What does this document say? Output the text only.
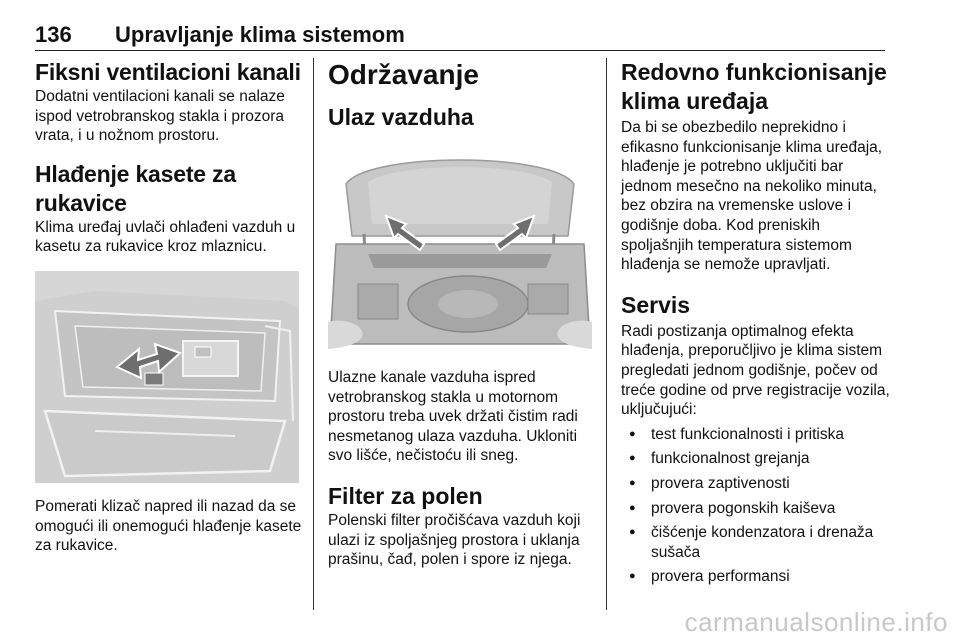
136 Upravljanje klima sistemom
Fiksni ventilacioni kanali

Dodatni ventilacioni kanali se nalaze ispod vetrobranskog stakla i prozora vrata, i u nožnom prostoru.

Hlađenje kasete za rukavice

Klima uređaj uvlači ohlađeni vazduh u kasetu za rukavice kroz mlaznicu.

Pomerati klizač napred ili nazad da se omogući ili onemogući hlađenje kasete za rukavice.

Održavanje
Ulaz vazduha

Ulazne kanale vazduha ispred vetrobranskog stakla u motornom prostoru treba uvek držati čistim radi nesmetanog ulaza vazduha. Ukloniti svo lišće, nečistoću ili sneg.

Filter za polen

Polenski filter pročišćava vazduh koji ulazi iz spoljašnjeg prostora i uklanja prašinu, čađ, polen i spore iz njega.

Redovno funkcionisanje klima uređaja

Da bi se obezbedilo neprekidno i efikasno funkcionisanje klima uređaja, hlađenje je potrebno uključiti bar jednom mesečno na nekoliko minuta, bez obzira na vremenske uslove i godišnje doba. Kod preniskih spoljašnjih temperatura sistemom hlađenja se nemože upravljati.

Servis

Radi postizanja optimalnog efekta hlađenja, preporučljivo je klima sistem pregledati jednom godišnje, počev od treće godine od prve registracije vozila, uključujući:

● test funkcionalnosti i pritiska
● funkcionalnost grejanja
● provera zaptivenosti
● provera pogonskih kaiševa
● čišćenje kondenzatora i drenaža sušača
● provera performansi
carmanualsonline.info
